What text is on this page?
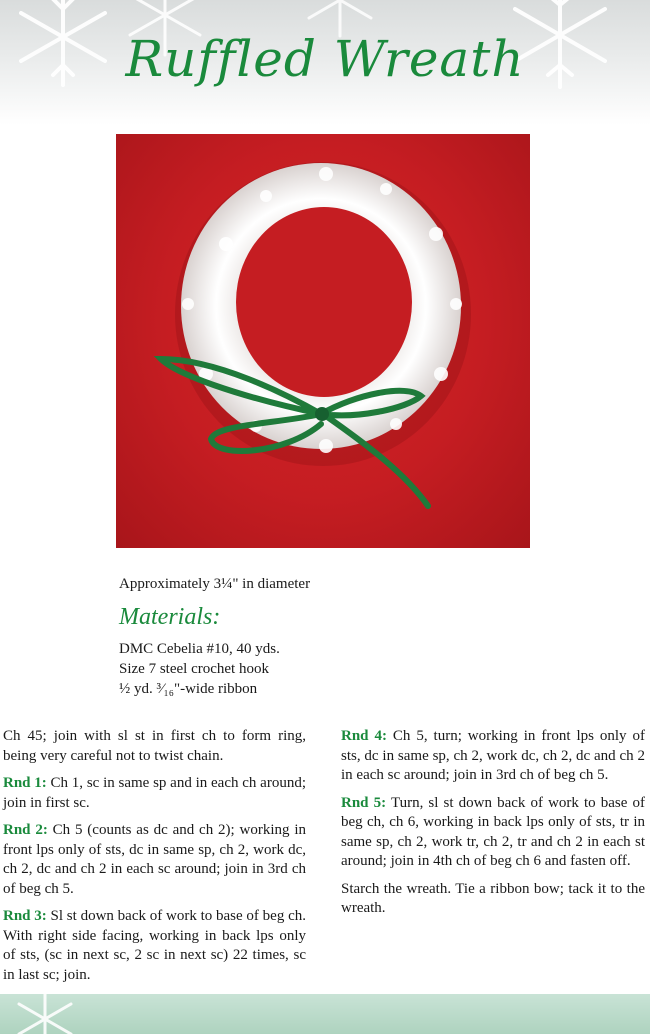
Ruffled Wreath
Approximately 3¼" in diameter
Materials:
DMC Cebelia #10, 40 yds.
Size 7 steel crochet hook
½ yd. ³⁄₁₆"-wide ribbon

Ch 45; join with sl st in first ch to form ring, being very careful not to twist chain.

Rnd 1: Ch 1, sc in same sp and in each ch around; join in first sc.

Rnd 2: Ch 5 (counts as dc and ch 2); working in front lps only of sts, dc in same sp, ch 2, work dc, ch 2, dc and ch 2 in each sc around; join in 3rd ch of beg ch 5.

Rnd 3: Sl st down back of work to base of beg ch. With right side facing, working in back lps only of sts, (sc in next sc, 2 sc in next sc) 22 times, sc in last sc; join.

Rnd 4: Ch 5, turn; working in front lps only of sts, dc in same sp, ch 2, work dc, ch 2, dc and ch 2 in each sc around; join in 3rd ch of beg ch 5.

Rnd 5: Turn, sl st down back of work to base of beg ch, ch 6, working in back lps only of sts, tr in same sp, ch 2, work tr, ch 2, tr and ch 2 in each st around; join in 4th ch of beg ch 6 and fasten off.

Starch the wreath. Tie a ribbon bow; tack it to the wreath.
